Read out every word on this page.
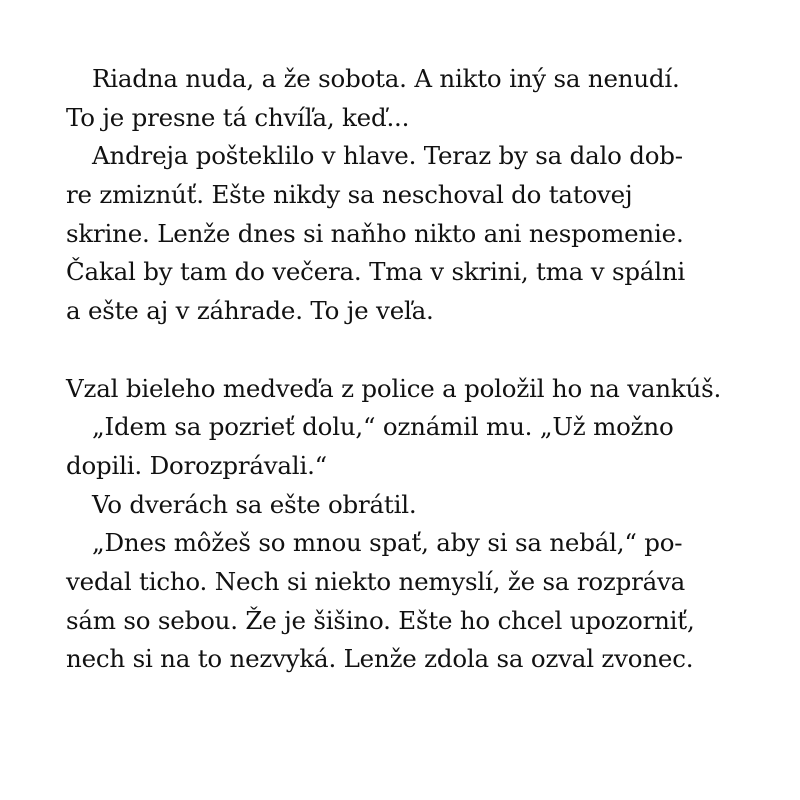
Riadna nuda, a že sobota. A nikto iný sa nenudí.
To je presne tá chvíľa, keď...
Andreja pošteklilo v hlave. Teraz by sa dalo dob-
re zmiznúť. Ešte nikdy sa neschoval do tatovej
skrine. Lenže dnes si naňho nikto ani nespomenie.
Čakal by tam do večera. Tma v skrini, tma v spálni
a ešte aj v záhrade. To je veľa.
Vzal bieleho medveďa z police a položil ho na vankúš.
„Idem sa pozrieť dolu,“ oznámil mu. „Už možno
dopili. Dorozprávali.“
Vo dverách sa ešte obrátil.
„Dnes môžeš so mnou spať, aby si sa nebál,“ po-
vedal ticho. Nech si niekto nemyslí, že sa rozpráva
sám so sebou. Že je šišino. Ešte ho chcel upozorniť,
nech si na to nezvyká. Lenže zdola sa ozval zvonec.
